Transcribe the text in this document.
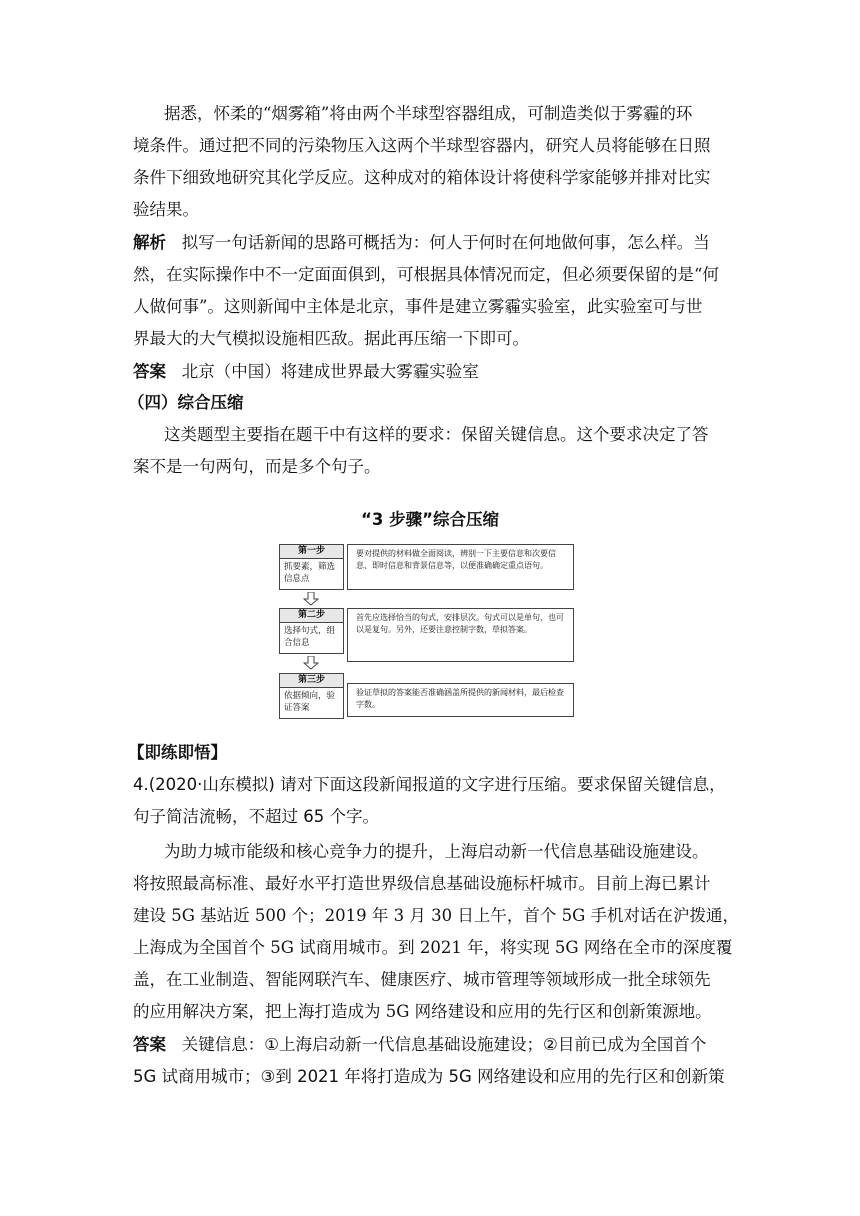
据悉，怀柔的“烟雾箱”将由两个半球型容器组成，可制造类似于雾霾的环
境条件。通过把不同的污染物压入这两个半球型容器内，研究人员将能够在日照
条件下细致地研究其化学反应。这种成对的箱体设计将使科学家能够并排对比实
验结果。
解析 拟写一句话新闻的思路可概括为：何人于何时在何地做何事，怎么样。当
然，在实际操作中不一定面面俱到，可根据具体情况而定，但必须要保留的是“何
人做何事”。这则新闻中主体是北京，事件是建立雾霾实验室，此实验室可与世
界最大的大气模拟设施相匹敌。据此再压缩一下即可。
答案 北京（中国）将建成世界最大雾霾实验室
（四）综合压缩
这类题型主要指在题干中有这样的要求：保留关键信息。这个要求决定了答
案不是一句两句，而是多个句子。
“3 步骤”综合压缩
第一步
抓要素，筛选信息点
要对提供的材料做全面阅读，辨别一下主要信息和次要信息、即时信息和背景信息等，以便准确确定重点语句。
第二步
选择句式，组合信息
首先应选择恰当的句式，安排层次。句式可以是单句，也可以是复句。另外，还要注意控制字数，草拟答案。
第三步
依据倾向，验证答案
验证草拟的答案能否准确涵盖所提供的新闻材料，最后检查字数。
【即练即悟】
4.(2020·山东模拟) 请对下面这段新闻报道的文字进行压缩。要求保留关键信息，
句子简洁流畅，不超过 65 个字。
为助力城市能级和核心竞争力的提升，上海启动新一代信息基础设施建设。
将按照最高标准、最好水平打造世界级信息基础设施标杆城市。目前上海已累计
建设 5G 基站近 500 个；2019 年 3 月 30 日上午，首个 5G 手机对话在沪拨通，
上海成为全国首个 5G 试商用城市。到 2021 年，将实现 5G 网络在全市的深度覆
盖，在工业制造、智能网联汽车、健康医疗、城市管理等领域形成一批全球领先
的应用解决方案，把上海打造成为 5G 网络建设和应用的先行区和创新策源地。
答案 关键信息：①上海启动新一代信息基础设施建设；②目前已成为全国首个
5G 试商用城市；③到 2021 年将打造成为 5G 网络建设和应用的先行区和创新策
